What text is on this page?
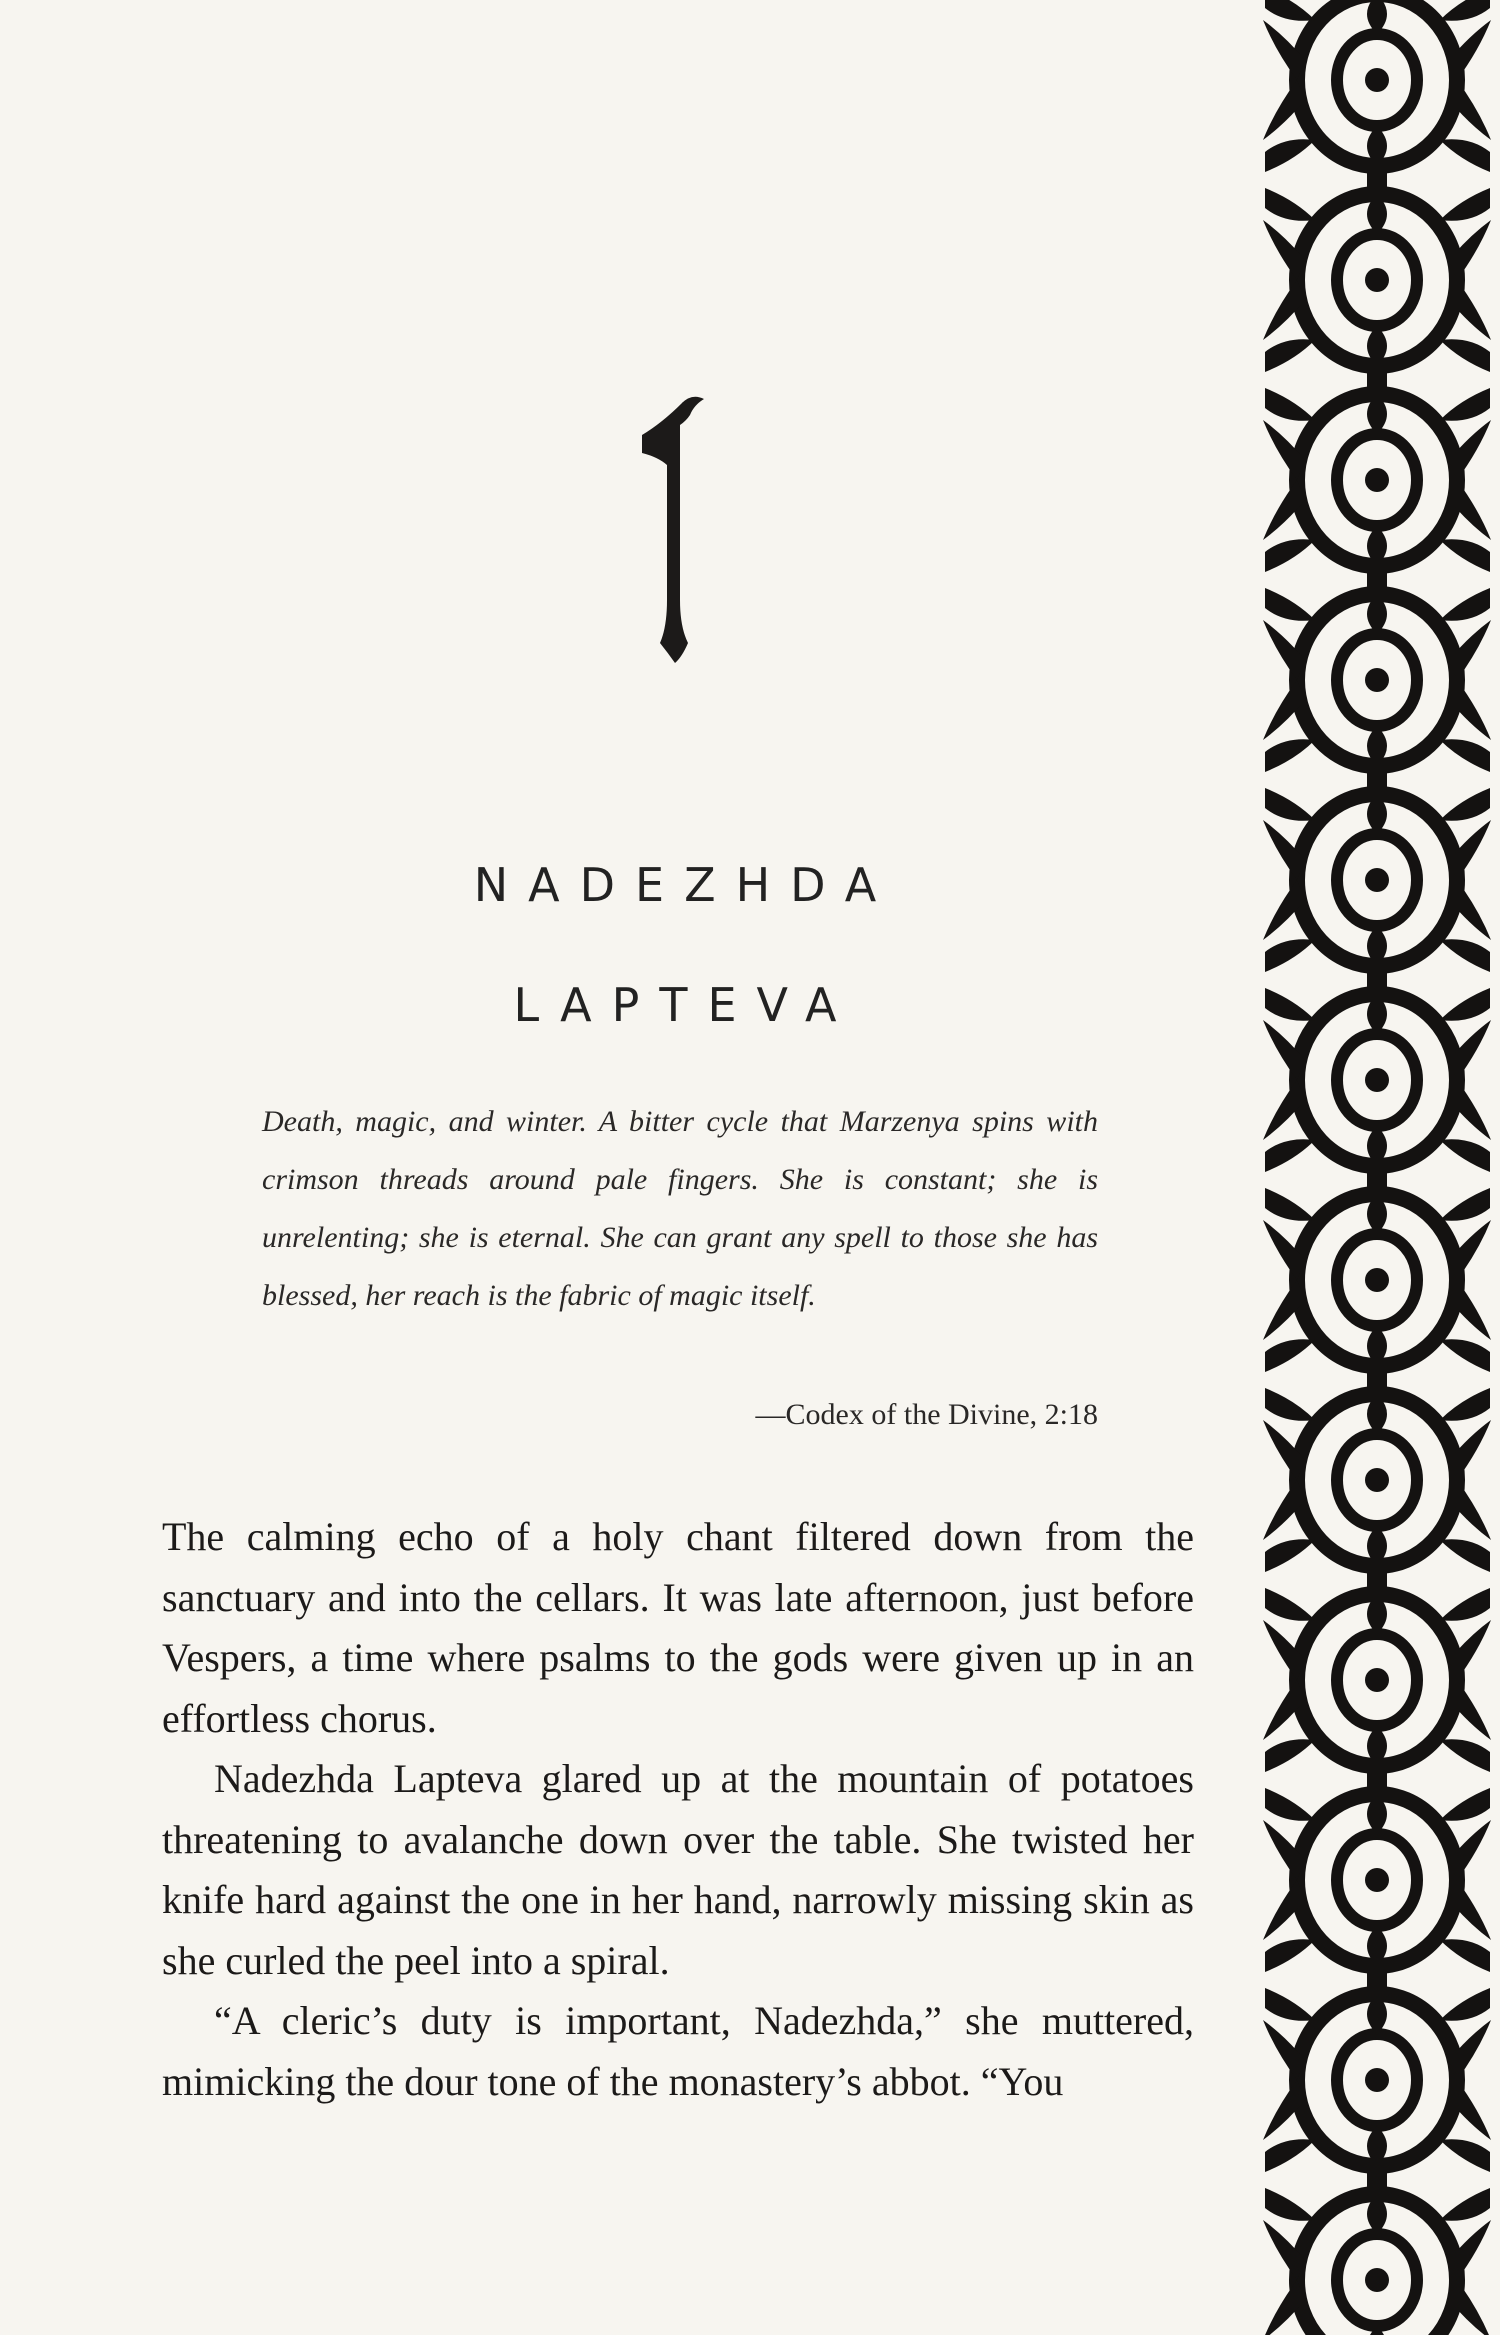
NADEZHDA
LAPTEVA

Death, magic, and winter. A bitter cycle that Marzenya spins with crimson threads around pale fingers. She is constant; she is unrelenting; she is eternal. She can grant any spell to those she has blessed, her reach is the fabric of magic itself.

—Codex of the Divine, 2:18

The calming echo of a holy chant filtered down from the sanctuary and into the cellars. It was late afternoon, just before Vespers, a time where psalms to the gods were given up in an effortless chorus.

Nadezhda Lapteva glared up at the mountain of potatoes threatening to avalanche down over the table. She twisted her knife hard against the one in her hand, narrowly missing skin as she curled the peel into a spiral.

“A cleric’s duty is important, Nadezhda,” she muttered, mimicking the dour tone of the monastery’s abbot. “You
